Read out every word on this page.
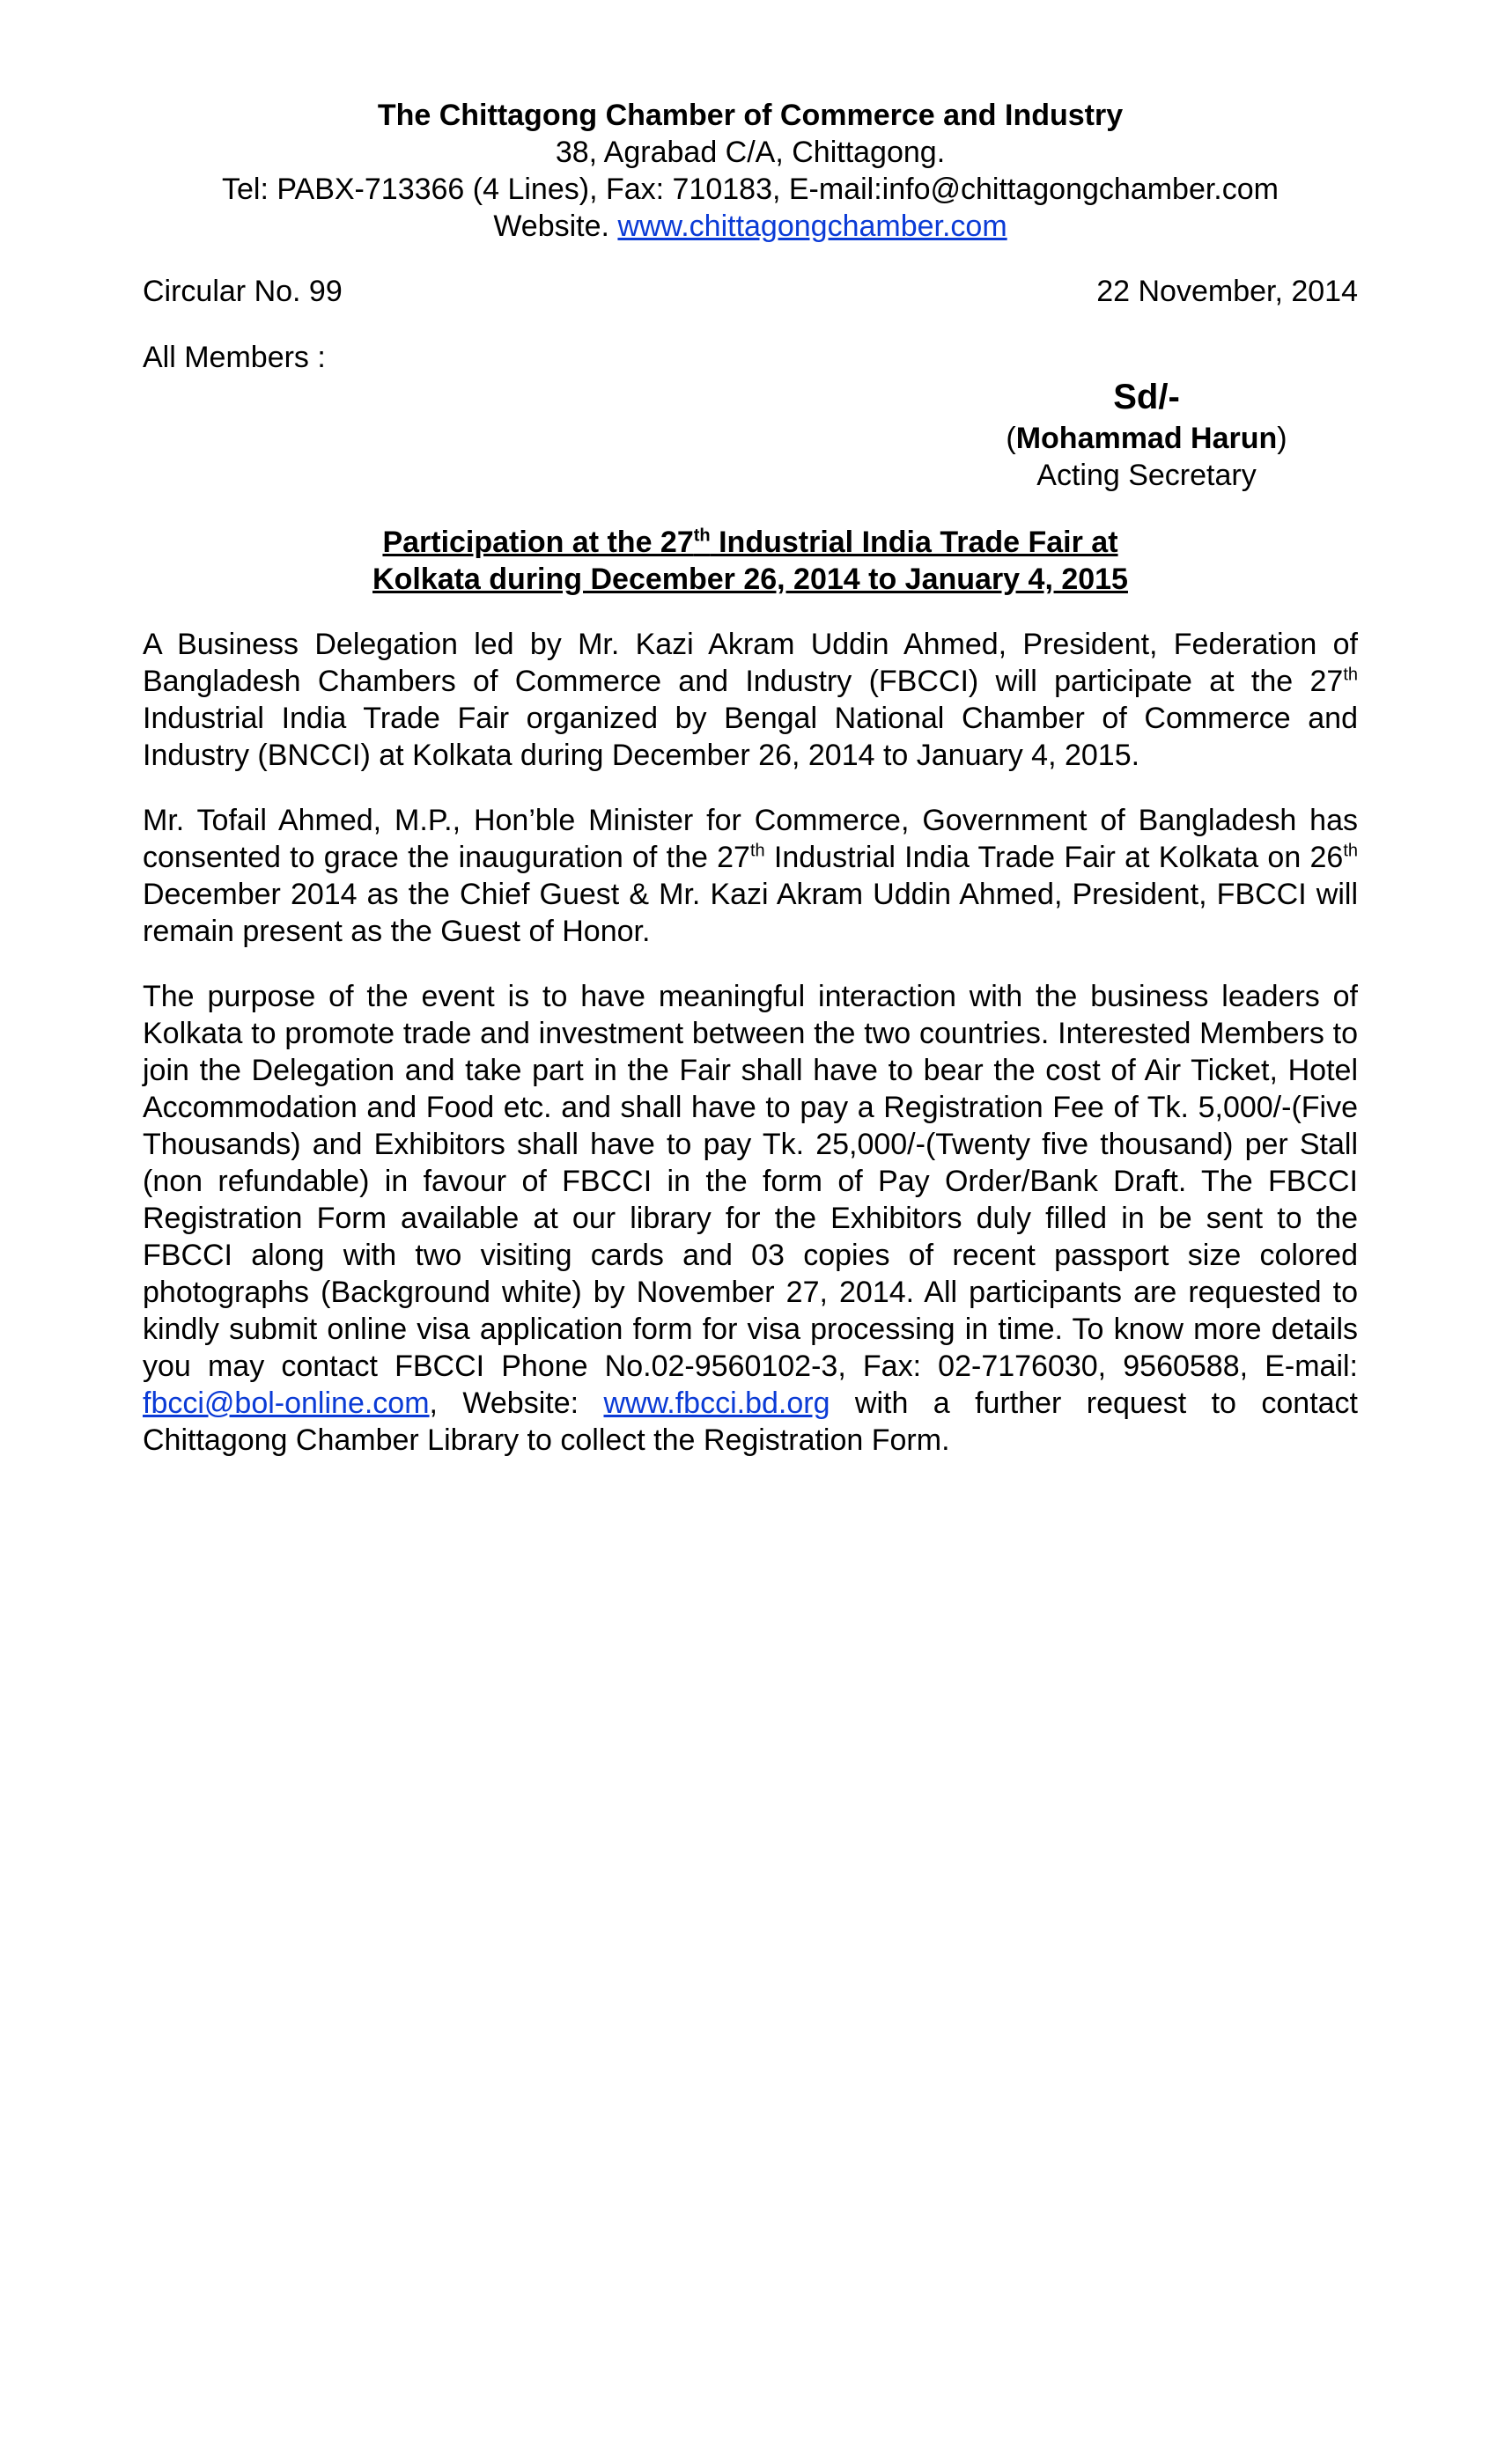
The Chittagong Chamber of Commerce and Industry
38, Agrabad C/A, Chittagong.
Tel: PABX-713366 (4 Lines), Fax: 710183, E-mail:info@chittagongchamber.com
Website. www.chittagongchamber.com
Circular No. 99	22 November, 2014
All Members :
Sd/-
(Mohammad Harun)
Acting Secretary
Participation at the 27th Industrial India Trade Fair at
Kolkata during December 26, 2014 to January 4, 2015
A Business Delegation led by Mr. Kazi Akram Uddin Ahmed, President, Federation of Bangladesh Chambers of Commerce and Industry (FBCCI) will participate at the 27th Industrial India Trade Fair organized by Bengal National Chamber of Commerce and Industry (BNCCI) at Kolkata during December 26, 2014 to January 4, 2015.
Mr. Tofail Ahmed, M.P., Hon’ble Minister for Commerce, Government of Bangladesh has consented to grace the inauguration of the 27th Industrial India Trade Fair at Kolkata on 26th December 2014 as the Chief Guest & Mr. Kazi Akram Uddin Ahmed, President, FBCCI will remain present as the Guest of Honor.
The purpose of the event is to have meaningful interaction with the business leaders of Kolkata to promote trade and investment between the two countries. Interested Members to join the Delegation and take part in the Fair shall have to bear the cost of Air Ticket, Hotel Accommodation and Food etc. and shall have to pay a Registration Fee of Tk. 5,000/-(Five Thousands) and Exhibitors shall have to pay Tk. 25,000/-(Twenty five thousand) per Stall (non refundable) in favour of FBCCI in the form of Pay Order/Bank Draft. The FBCCI Registration Form available at our library for the Exhibitors duly filled in be sent to the FBCCI along with two visiting cards and 03 copies of recent passport size colored photographs (Background white) by November 27, 2014. All participants are requested to kindly submit online visa application form for visa processing in time. To know more details you may contact FBCCI Phone No.02-9560102-3, Fax: 02-7176030, 9560588, E-mail: fbcci@bol-online.com, Website: www.fbcci.bd.org with a further request to contact Chittagong Chamber Library to collect the Registration Form.
